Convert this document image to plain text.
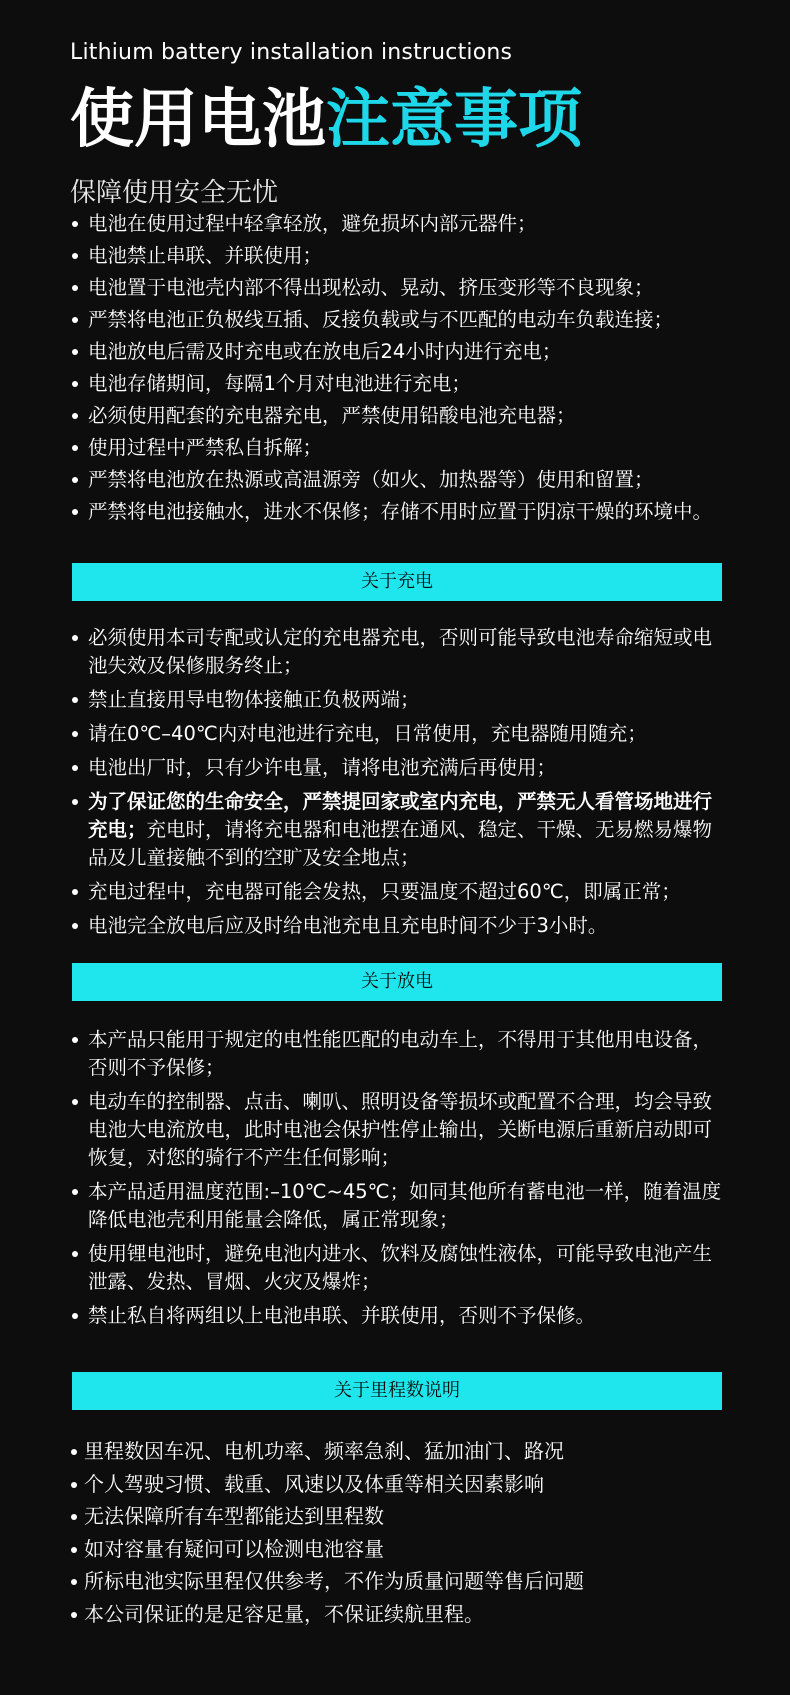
Lithium battery installation instructions
使用电池注意事项
保障使用安全无忧
电池在使用过程中轻拿轻放，避免损坏内部元器件；
电池禁止串联、并联使用；
电池置于电池壳内部不得出现松动、晃动、挤压变形等不良现象；
严禁将电池正负极线互插、反接负载或与不匹配的电动车负载连接；
电池放电后需及时充电或在放电后24小时内进行充电；
电池存储期间，每隔1个月对电池进行充电；
必须使用配套的充电器充电，严禁使用铅酸电池充电器；
使用过程中严禁私自拆解；
严禁将电池放在热源或高温源旁（如火、加热器等）使用和留置；
严禁将电池接触水，进水不保修；存储不用时应置于阴凉干燥的环境中。
关于充电
必须使用本司专配或认定的充电器充电，否则可能导致电池寿命缩短或电池失效及保修服务终止；
禁止直接用导电物体接触正负极两端；
请在0℃–40℃内对电池进行充电，日常使用，充电器随用随充；
电池出厂时，只有少许电量，请将电池充满后再使用；
为了保证您的生命安全，严禁提回家或室内充电，严禁无人看管场地进行充电；充电时，请将充电器和电池摆在通风、稳定、干燥、无易燃易爆物品及儿童接触不到的空旷及安全地点；
充电过程中，充电器可能会发热，只要温度不超过60℃，即属正常；
电池完全放电后应及时给电池充电且充电时间不少于3小时。
关于放电
本产品只能用于规定的电性能匹配的电动车上，不得用于其他用电设备，否则不予保修；
电动车的控制器、点击、喇叭、照明设备等损坏或配置不合理，均会导致电池大电流放电，此时电池会保护性停止输出，关断电源后重新启动即可恢复，对您的骑行不产生任何影响；
本产品适用温度范围:–10℃~45℃；如同其他所有蓄电池一样，随着温度降低电池壳利用能量会降低，属正常现象；
使用锂电池时，避免电池内进水、饮料及腐蚀性液体，可能导致电池产生泄露、发热、冒烟、火灾及爆炸；
禁止私自将两组以上电池串联、并联使用，否则不予保修。
关于里程数说明
里程数因车况、电机功率、频率急刹、猛加油门、路况
个人驾驶习惯、载重、风速以及体重等相关因素影响
无法保障所有车型都能达到里程数
如对容量有疑问可以检测电池容量
所标电池实际里程仅供参考，不作为质量问题等售后问题
本公司保证的是足容足量，不保证续航里程。
